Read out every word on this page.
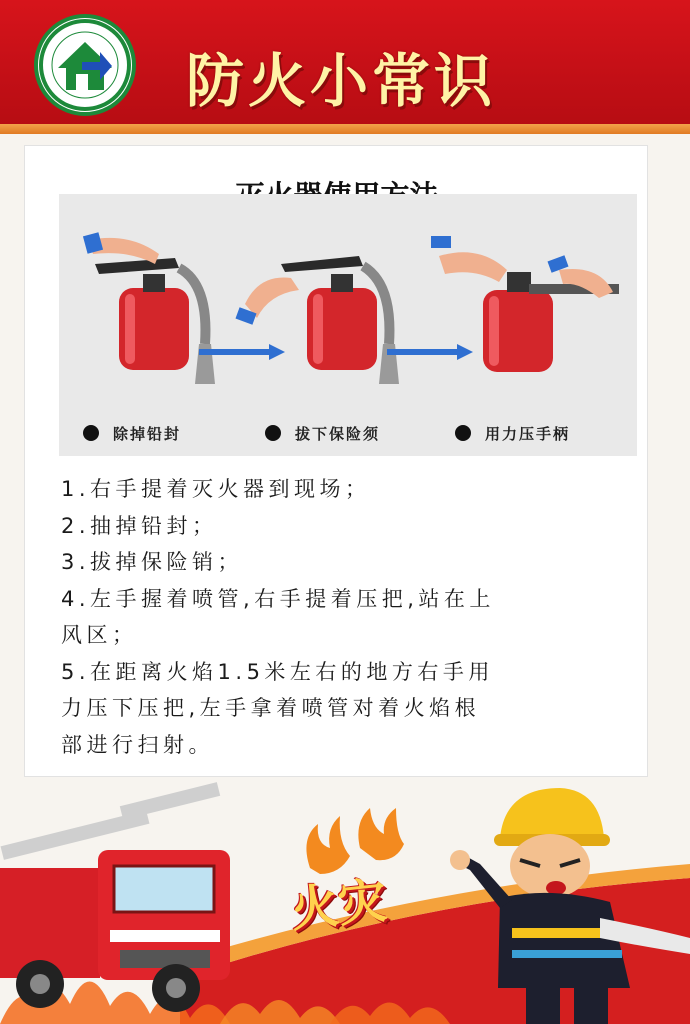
防火小常识
除掉铅封	拔下保险须	用力压手柄
1.右手提着灭火器到现场；
2.抽掉铅封；
3.拔掉保险销；
4.左手握着喷管,右手提着压把,站在上
风区；
5.在距离火焰1.5米左右的地方右手用
力压下压把,左手拿着喷管对着火焰根
部进行扫射。
火灾
